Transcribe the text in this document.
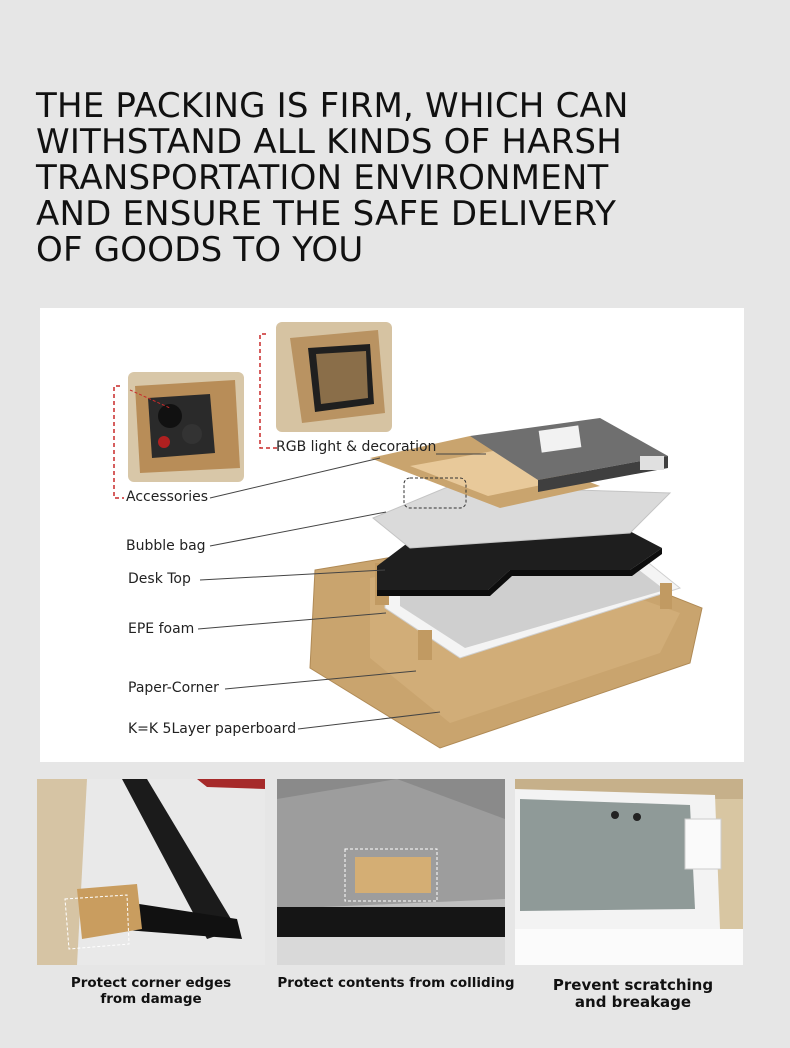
THE PACKING IS FIRM, WHICH CAN WITHSTAND ALL KINDS OF HARSH TRANSPORTATION ENVIRONMENT AND ENSURE THE SAFE DELIVERY OF GOODS TO YOU
RGB light & decoration
Accessories
Bubble bag
Desk Top
EPE foam
Paper-Corner
K=K 5Layer paperboard
Protect corner edges
from damage
Protect contents from colliding	Prevent scratching
and breakage
